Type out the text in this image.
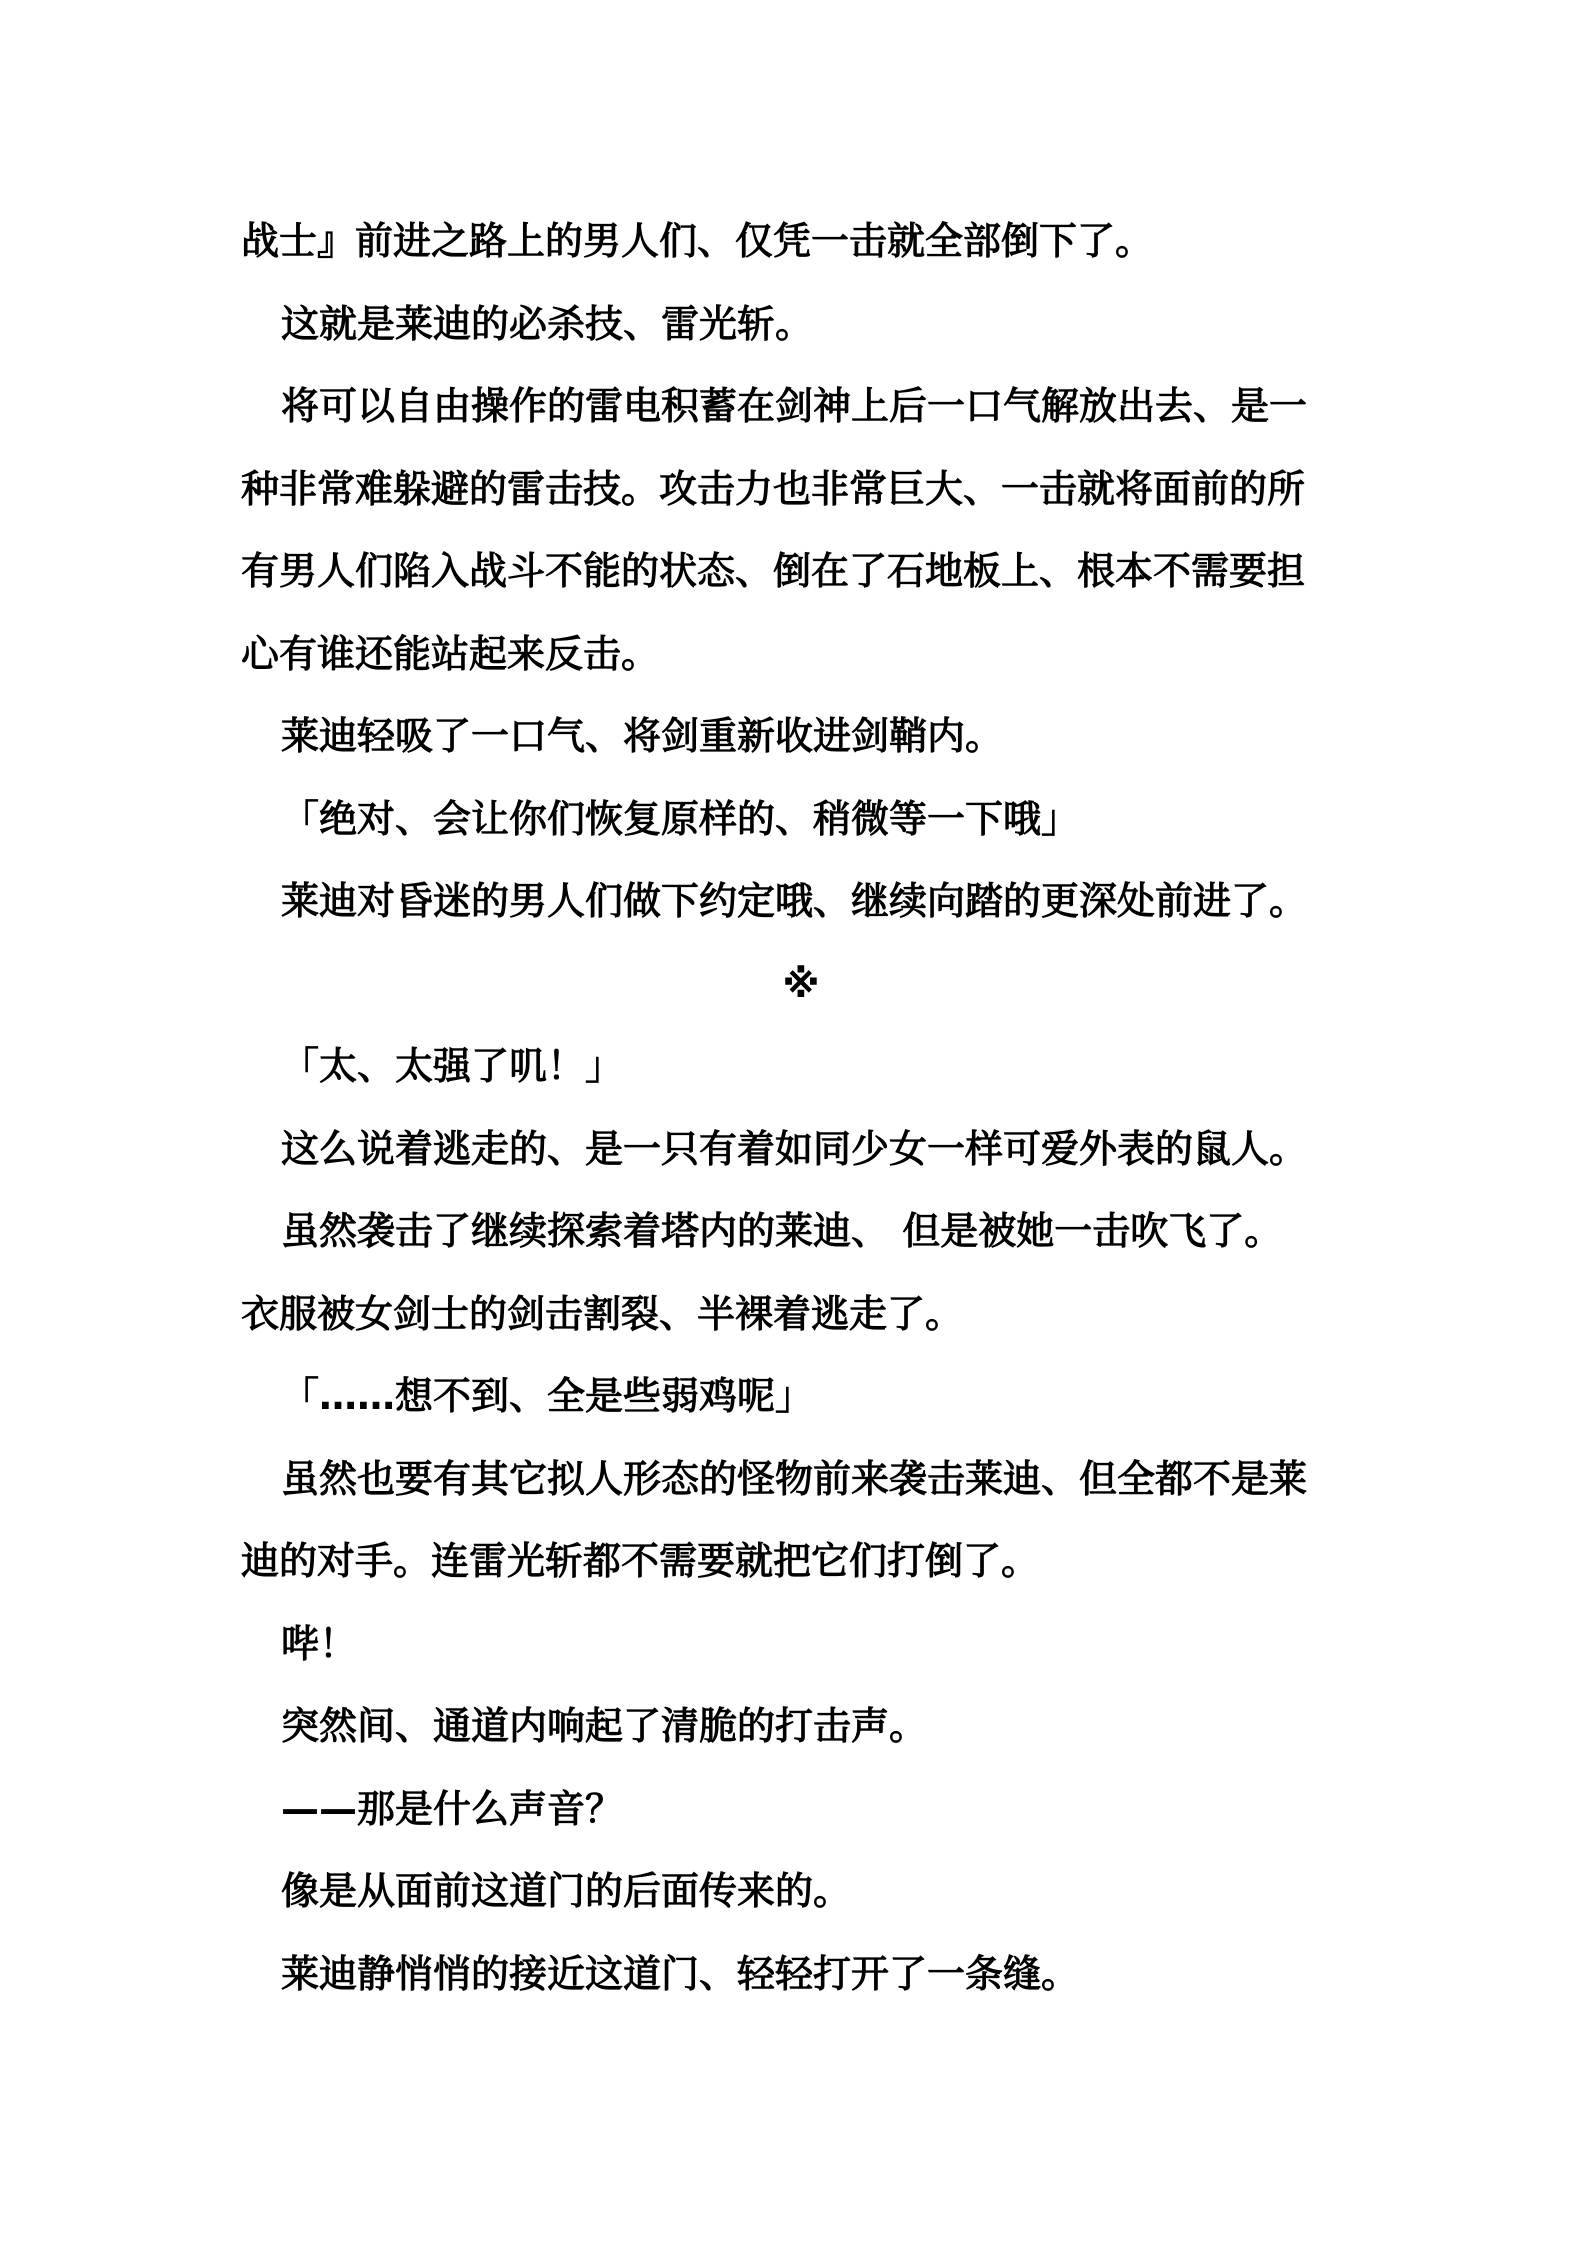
战士』前进之路上的男人们、仅凭一击就全部倒下了。
这就是莱迪的必杀技、雷光斩。
将可以自由操作的雷电积蓄在剑神上后一口气解放出去、是一
种非常难躲避的雷击技。攻击力也非常巨大、一击就将面前的所
有男人们陷入战斗不能的状态、倒在了石地板上、根本不需要担
心有谁还能站起来反击。
莱迪轻吸了一口气、将剑重新收进剑鞘内。
「绝对、会让你们恢复原样的、稍微等一下哦」
莱迪对昏迷的男人们做下约定哦、继续向踏的更深处前进了。
※
「太、太强了叽！」
这么说着逃走的、是一只有着如同少女一样可爱外表的鼠人。
虽然袭击了继续探索着塔内的莱迪、 但是被她一击吹飞了。
衣服被女剑士的剑击割裂、半裸着逃走了。
「……想不到、全是些弱鸡呢」
虽然也要有其它拟人形态的怪物前来袭击莱迪、但全都不是莱
迪的对手。连雷光斩都不需要就把它们打倒了。
哔！
突然间、通道内响起了清脆的打击声。
——那是什么声音？
像是从面前这道门的后面传来的。
莱迪静悄悄的接近这道门、轻轻打开了一条缝。
